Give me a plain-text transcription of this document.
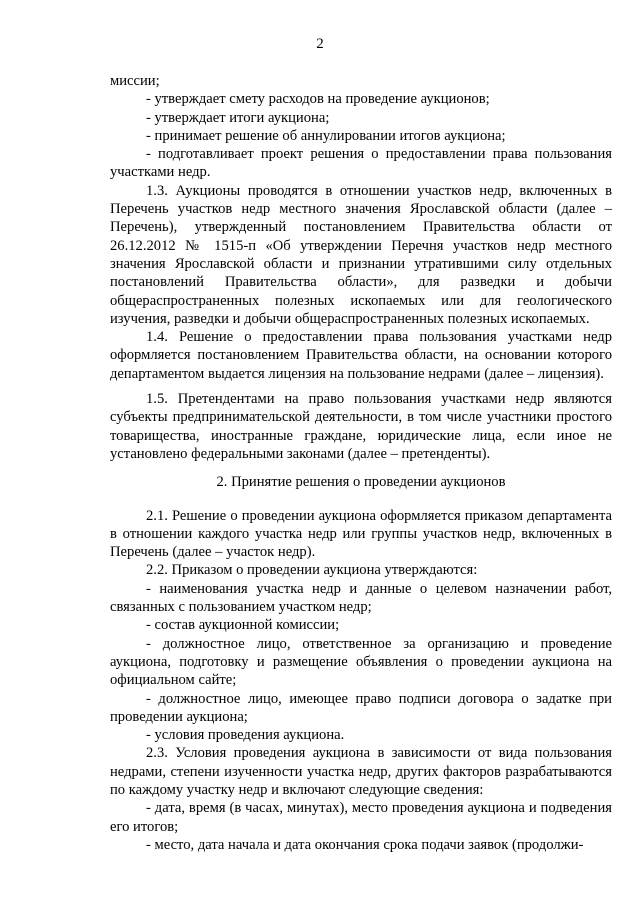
2

миссии;

- утверждает смету расходов на проведение аукционов;

- утверждает итоги аукциона;

- принимает решение об аннулировании итогов аукциона;

- подготавливает проект решения о предоставлении права пользования участками недр.

1.3. Аукционы проводятся в отношении участков недр, включенных в Перечень участков недр местного значения Ярославской области (далее – Перечень), утвержденный постановлением Правительства области от 26.12.2012 № 1515-п «Об утверждении Перечня участков недр местного значения Ярославской области и признании утратившими силу отдельных постановлений Правительства области», для разведки и добычи общераспространенных полезных ископаемых или для геологического изучения, разведки и добычи общераспространенных полезных ископаемых.

1.4. Решение о предоставлении права пользования участками недр оформляется постановлением Правительства области, на основании которого департаментом выдается лицензия на пользование недрами (далее – лицензия).

1.5. Претендентами на право пользования участками недр являются субъекты предпринимательской деятельности, в том числе участники простого товарищества, иностранные граждане, юридические лица, если иное не установлено федеральными законами (далее – претенденты).

2. Принятие решения о проведении аукционов

2.1. Решение о проведении аукциона оформляется приказом департамента в отношении каждого участка недр или группы участков недр, включенных в Перечень (далее – участок недр).

2.2. Приказом о проведении аукциона утверждаются:

- наименования участка недр и данные о целевом назначении работ, связанных с пользованием участком недр;

- состав аукционной комиссии;

- должностное лицо, ответственное за организацию и проведение аукциона, подготовку и размещение объявления о проведении аукциона на официальном сайте;

- должностное лицо, имеющее право подписи договора о задатке при проведении аукциона;

- условия проведения аукциона.

2.3. Условия проведения аукциона в зависимости от вида пользования недрами, степени изученности участка недр, других факторов разрабатываются по каждому участку недр и включают следующие сведения:

- дата, время (в часах, минутах), место проведения аукциона и подведения его итогов;

- место, дата начала и дата окончания срока подачи заявок (продолжи-
